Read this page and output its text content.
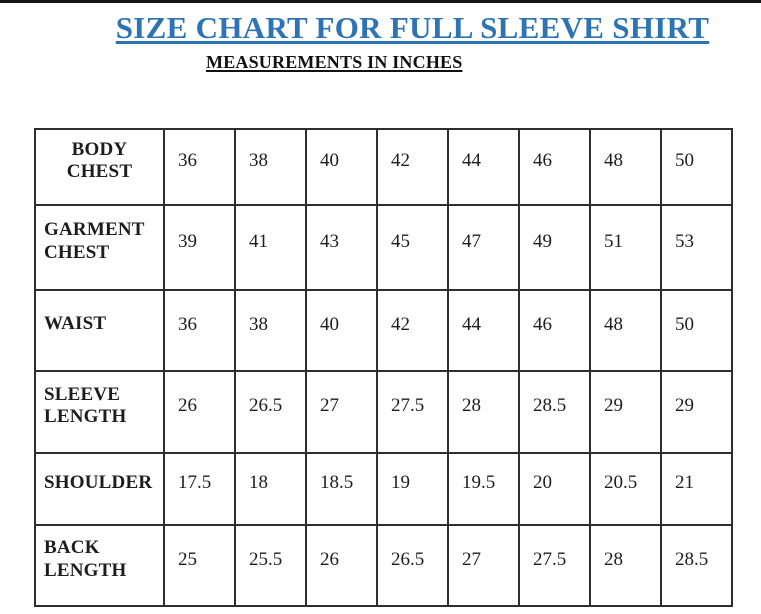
SIZE CHART FOR FULL SLEEVE SHIRT
MEASUREMENTS IN INCHES
BODY CHEST	36	38	40	42	44	46	48	50
GARMENT CHEST	39	41	43	45	47	49	51	53
WAIST	36	38	40	42	44	46	48	50
SLEEVE LENGTH	26	26.5	27	27.5	28	28.5	29	29
SHOULDER	17.5	18	18.5	19	19.5	20	20.5	21
BACK LENGTH	25	25.5	26	26.5	27	27.5	28	28.5
